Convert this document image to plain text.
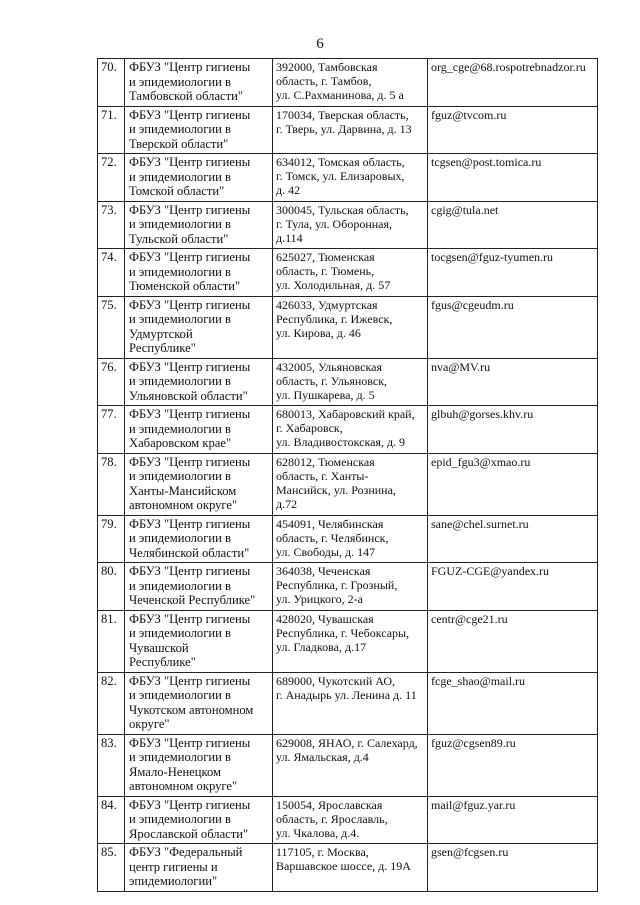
6
70.	ФБУЗ "Центр гигиены
и эпидемиологии в
Тамбовской области"	392000, Тамбовская
область, г. Тамбов,
ул. С.Рахманинова, д. 5 а	org_cge@68.rospotrebnadzor.ru

71.	ФБУЗ "Центр гигиены
и эпидемиологии в
Тверской области"	170034, Тверская область,
г. Тверь, ул. Дарвина, д. 13	fguz@tvcom.ru

72.	ФБУЗ "Центр гигиены
и эпидемиологии в
Томской области"	634012, Томская область,
г. Томск, ул. Елизаровых,
д. 42	tcgsen@post.tomica.ru

73.	ФБУЗ "Центр гигиены
и эпидемиологии в
Тульской области"	300045, Тульская область,
г. Тула, ул. Оборонная,
д.114	cgig@tula.net

74.	ФБУЗ "Центр гигиены
и эпидемиологии в
Тюменской области"	625027, Тюменская
область, г. Тюмень,
ул. Холодильная, д. 57	tocgsen@fguz-tyumen.ru

75.	ФБУЗ "Центр гигиены
и эпидемиологии в
Удмуртской
Республике"	426033, Удмуртская
Республика, г. Ижевск,
ул. Кирова, д. 46	fgus@cgeudm.ru

76.	ФБУЗ "Центр гигиены
и эпидемиологии в
Ульяновской области"	432005, Ульяновская
область, г. Ульяновск,
ул. Пушкарева, д. 5	nva@MV.ru

77.	ФБУЗ "Центр гигиены
и эпидемиологии в
Хабаровском крае"	680013, Хабаровский край,
г. Хабаровск,
ул. Владивостокская, д. 9	glbuh@gorses.khv.ru

78.	ФБУЗ "Центр гигиены
и эпидемиологии в
Ханты-Мансийском
автономном округе"	628012, Тюменская
область, г. Ханты-
Мансийск, ул. Рознина,
д.72	epid_fgu3@xmao.ru

79.	ФБУЗ "Центр гигиены
и эпидемиологии в
Челябинской области"	454091, Челябинская
область, г. Челябинск,
ул. Свободы, д. 147	sane@chel.surnet.ru

80.	ФБУЗ "Центр гигиены
и эпидемиологии в
Чеченской Республике"	364038, Чеченская
Республика, г. Грозный,
ул. Урицкого, 2-а	FGUZ-CGE@yandex.ru

81.	ФБУЗ "Центр гигиены
и эпидемиологии в
Чувашской
Республике"	428020, Чувашская
Республика, г. Чебоксары,
ул. Гладкова, д.17	centr@cge21.ru

82.	ФБУЗ "Центр гигиены
и эпидемиологии в
Чукотском автономном
округе"	689000, Чукотский АО,
г. Анадырь ул. Ленина д. 11	fcge_shao@mail.ru

83.	ФБУЗ "Центр гигиены
и эпидемиологии в
Ямало-Ненецком
автономном округе"	629008, ЯНАО, г. Салехард,
ул. Ямальская, д.4	fguz@cgsen89.ru

84.	ФБУЗ "Центр гигиены
и эпидемиологии в
Ярославской области"	150054, Ярославская
область, г. Ярославль,
ул. Чкалова, д.4.	mail@fguz.yar.ru

85.	ФБУЗ "Федеральный
центр гигиены и
эпидемиологии"	117105, г. Москва,
Варшавское шоссе, д. 19А	gsen@fcgsen.ru
